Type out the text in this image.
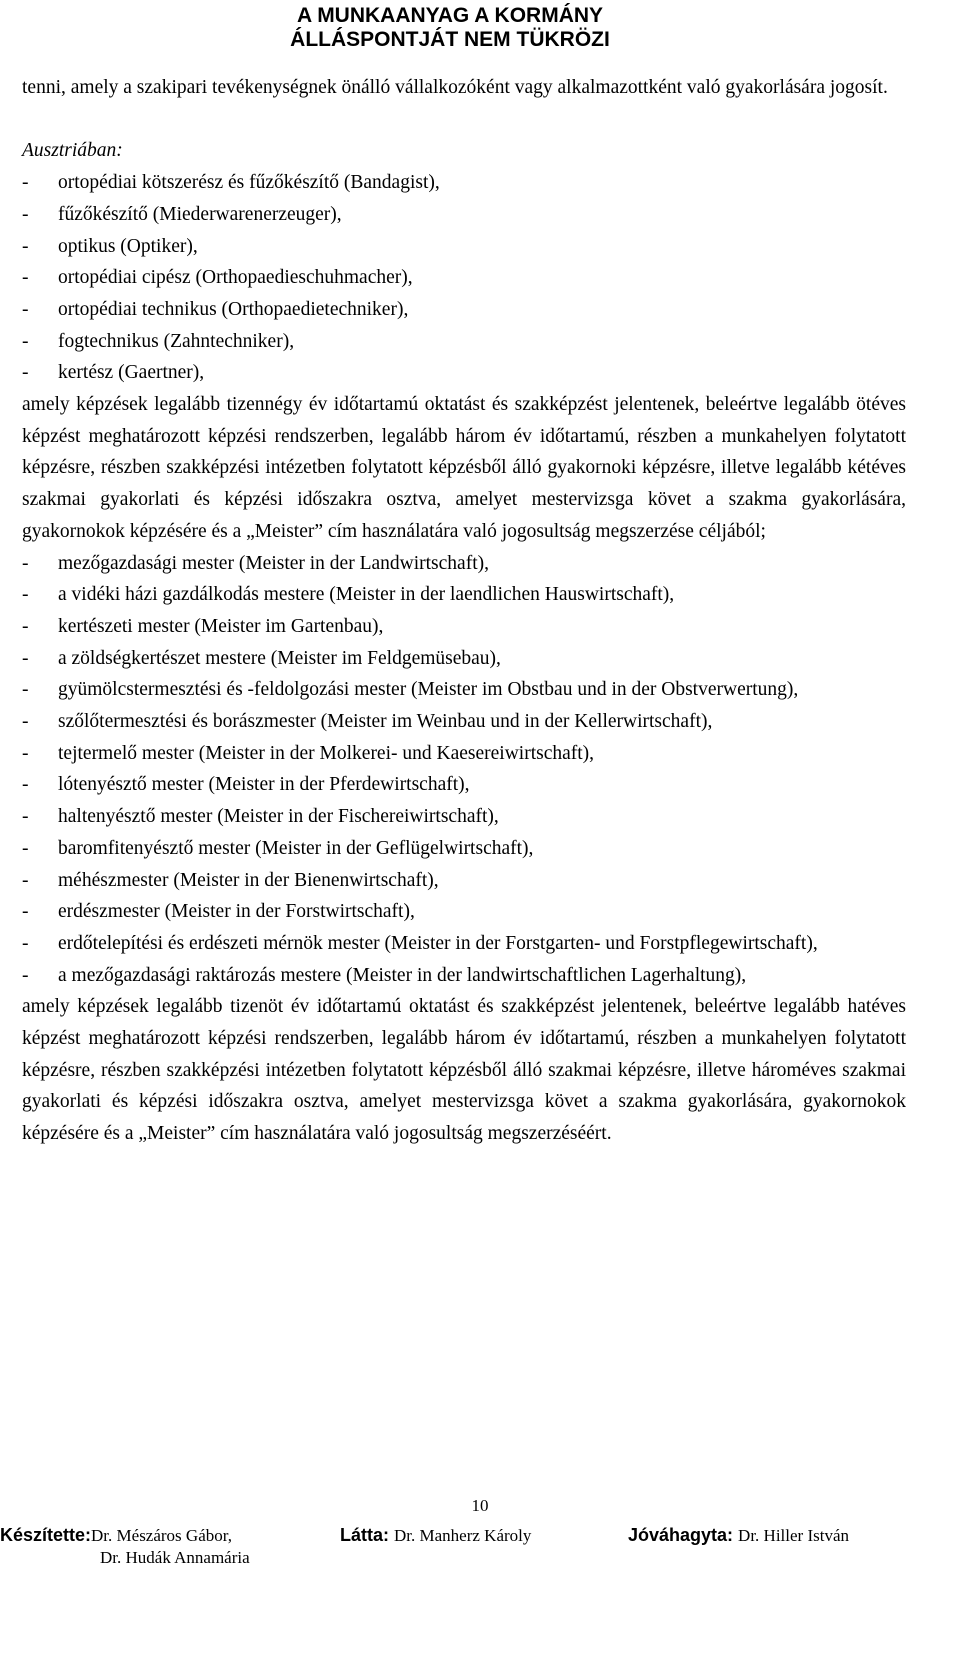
A MUNKAANYAG A KORMÁNY
ÁLLÁSPONTJÁT NEM TÜKRÖZI

tenni, amely a szakipari tevékenységnek önálló vállalkozóként vagy alkalmazottként való gyakorlására jogosít.

Ausztriában:

-	ortopédiai kötszerész és fűzőkészítő (Bandagist),
-	fűzőkészítő (Miederwarenerzeuger),
-	optikus (Optiker),
-	ortopédiai cipész (Orthopaedieschuhmacher),
-	ortopédiai technikus (Orthopaedietechniker),
-	fogtechnikus (Zahntechniker),
-	kertész (Gaertner),

amely képzések legalább tizennégy év időtartamú oktatást és szakképzést jelentenek, beleértve legalább ötéves képzést meghatározott képzési rendszerben, legalább három év időtartamú, részben a munkahelyen folytatott képzésre, részben szakképzési intézetben folytatott képzésből álló gyakornoki képzésre, illetve legalább kétéves szakmai gyakorlati és képzési időszakra osztva, amelyet mestervizsga követ a szakma gyakorlására, gyakornokok képzésére és a „Meister” cím használatára való jogosultság megszerzése céljából;

-	mezőgazdasági mester (Meister in der Landwirtschaft),
-	a vidéki házi gazdálkodás mestere (Meister in der laendlichen Hauswirtschaft),
-	kertészeti mester (Meister im Gartenbau),
-	a zöldségkertészet mestere (Meister im Feldgemüsebau),
-	gyümölcstermesztési és -feldolgozási mester (Meister im Obstbau und in der Obstverwertung),
-	szőlőtermesztési és borászmester (Meister im Weinbau und in der Kellerwirtschaft),
-	tejtermelő mester (Meister in der Molkerei- und Kaesereiwirtschaft),
-	lótenyésztő mester (Meister in der Pferdewirtschaft),
-	haltenyésztő mester (Meister in der Fischereiwirtschaft),
-	baromfitenyésztő mester (Meister in der Geflügelwirtschaft),
-	méhészmester (Meister in der Bienenwirtschaft),
-	erdészmester (Meister in der Forstwirtschaft),
-	erdőtelepítési és erdészeti mérnök mester (Meister in der Forstgarten- und Forstpflegewirtschaft),
-	a mezőgazdasági raktározás mestere (Meister in der landwirtschaftlichen Lagerhaltung),

amely képzések legalább tizenöt év időtartamú oktatást és szakképzést jelentenek, beleértve legalább hatéves képzést meghatározott képzési rendszerben, legalább három év időtartamú, részben a munkahelyen folytatott képzésre, részben szakképzési intézetben folytatott képzésből álló szakmai képzésre, illetve hároméves szakmai gyakorlati és képzési időszakra osztva, amelyet mestervizsga követ a szakma gyakorlására, gyakornokok képzésére és a „Meister” cím használatára való jogosultság megszerzéséért.

10
Készítette:Dr. Mészáros Gábor,
Dr. Hudák Annamária
Látta: Dr. Manherz Károly	Jóváhagyta: Dr. Hiller István
